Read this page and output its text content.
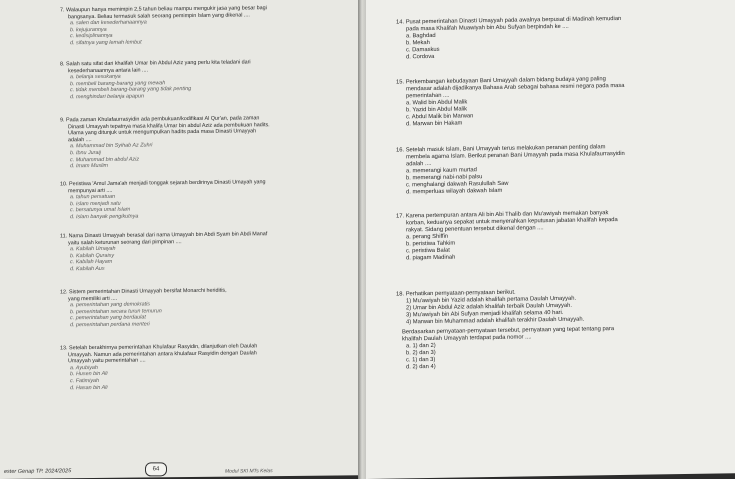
7. Walaupun hanya memimpin 2,5 tahun beliau mampu mengukir jasa yang besar bagi
bangsanya. Beliau termasuk salah seorang pemimpin Islam yang dikenal ....
a. salen dan kesederhanaannya
b. kejujurannya
c. kedisiplinannya
d. sifatnya yang lemah lembut
8. Salah satu sifat dari khalifah Umar bin Abdul Aziz yang perlu kita teladani dari
kesederhanaannya antara lain ....
a. belanja sesukanya
b. membeli barang-barang yang mewah
c. tidak membeli barang-barang yang tidak penting
d. menghindari belanja apapun
9. Pada zaman Khulafaurrasyidin ada pembukuan/kodifikasi Al Qur'an, pada zaman
Dinasti Umayyah tepatnya masa khalifa Umar bin abdul Aziz ada pembukuan hadits.
Ulama yang ditunjuk untuk mengumpulkan hadits pada masa Dinasti Umayyah
adalah ....
a. Muhammad bin Syihab Az Zuhri
b. Ibnu Juraij
c. Muhammad bin abdul Aziz
d. Imam Muslim
10. Peristiwa 'Amul Jama'ah menjadi tonggak sejarah berdirinya Dinasti Umayah yang
mempunyai arti ....
a. tahun persatuan
b. islam menjadi satu
c. bersatunya umat Islam
d. Islam banyak pengikutnya
11. Nama Dinasti Umayyah berasal dari nama Umayyah bin Abdi Syam bin Abdi Manaf
yaitu salah keturunan seorang dari pimpinan ....
a. Kabilah Umayah
b. Kabilah Quraisy
c. Kabilah Hayam
d. Kabilah Aus
12. Sistem pemerintahan Dinasti Umayyah bersifat Monarchi heriditis,
yang memiliki arti ....
a. pemerintahan yang demokratis
b. pemerintahan secara turun temurun
c. pemerintahan yang berdaulat
d. pemerintahan perdana menteri
13. Setelah berakhirnya pemerintahan Khulafaur Rasyidin, dilanjutkan oleh Daulah
Umayyah. Namun ada pemerintahan antara khulafaur Rasyidin dengan Daulah
Umayyah yaitu pemerintahan ....
a. Ayubiyah
b. Husen bin Ali
c. Fatimiyah
d. Hasan bin Ali
ester Genap TP. 2024/2025	64	Modul SKI MTs Kelas
14. Pusat pemerintahan Dinasti Umayyah pada awalnya berpusat di Madinah kemudian
pada masa Khalifah Muawiyah bin Abu Sufyan berpindah ke ....
a. Baghdad
b. Mekah
c. Damaskus
d. Cordova
15. Perkembangan kebudayaan Bani Umayyah dalam bidang budaya yang paling
mendasar adalah dijadikanya Bahasa Arab sebagai bahasa resmi negara pada masa
pemerintahan ....
a. Walid bin Abdul Malik
b. Yazid bin Abdul Malik
c. Abdul Malik bin Marwan
d. Marwan bin Hakam
16. Setelah masuk Islam, Bani Umayyah terus melakukan peranan penting dalam
membela agama Islam. Berikut peranan Bani Umayyah pada masa Khulafaurrasyidin
adalah ....
a. memerangi kaum murtad
b. memerangi nabi-nabi palsu
c. menghalangi dakwah Rasulullah Saw
d. memperluas wilayah dakwah Islam
17. Karena pertempuran antara Ali bin Abi Thalib dan Mu'awiyah memakan banyak
korban, keduanya sepakat untuk menyerahkan keputusan jabatan khalifah kepada
rakyat. Sidang penentuan tersebut dikenal dengan ....
a. perang Shiffin
b. peristiwa Tahkim
c. peristiwa Balat
d. piagam Madinah
18. Perhatikan pernyataan-pernyataan berikut.
1) Mu'awiyah bin Yazid adalah khalifah pertama Daulah Umayyah.
2) Umar bin Abdul Aziz adalah khalifah terbaik Daulah Umayyah.
3) Mu'awiyah bin Abi Sufyan menjadi khalifah selama 40 hari.
4) Marwan bin Muhammad adalah khalifah terakhir Daulah Umayyah.
Berdasarkan pernyataan-pernyataan tersebut, pernyataan yang tepat tentang para
khalifah Daulah Umayyah terdapat pada nomor ....
a. 1) dan 2)
b. 2) dan 3)
c. 1) dan 3)
d. 2) dan 4)
